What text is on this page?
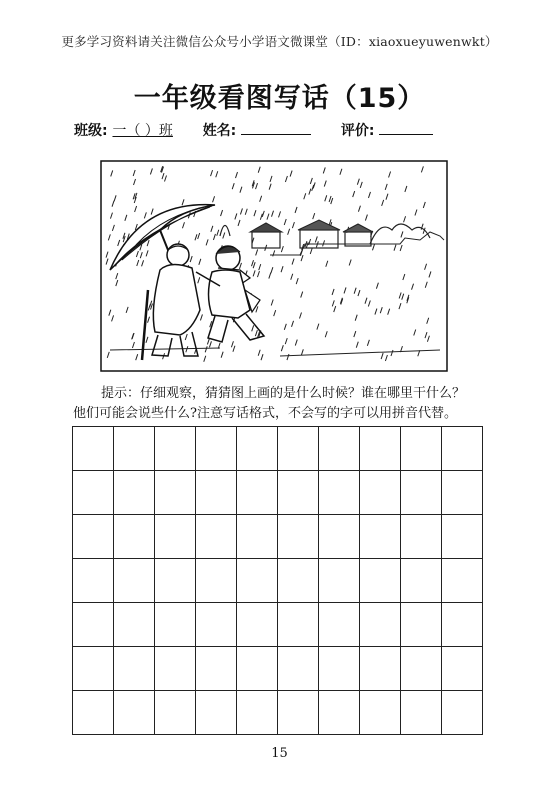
更多学习资料请关注微信公众号小学语文微课堂（ID：xiaoxueyuwenwkt）
一年级看图写话（15）
班级: 一（ ）班 姓名:	评价:
提示：仔细观察，猜猜图上画的是什么时候？谁在哪里干什么？
他们可能会说些什么?注意写话格式，不会写的字可以用拼音代替。

15
